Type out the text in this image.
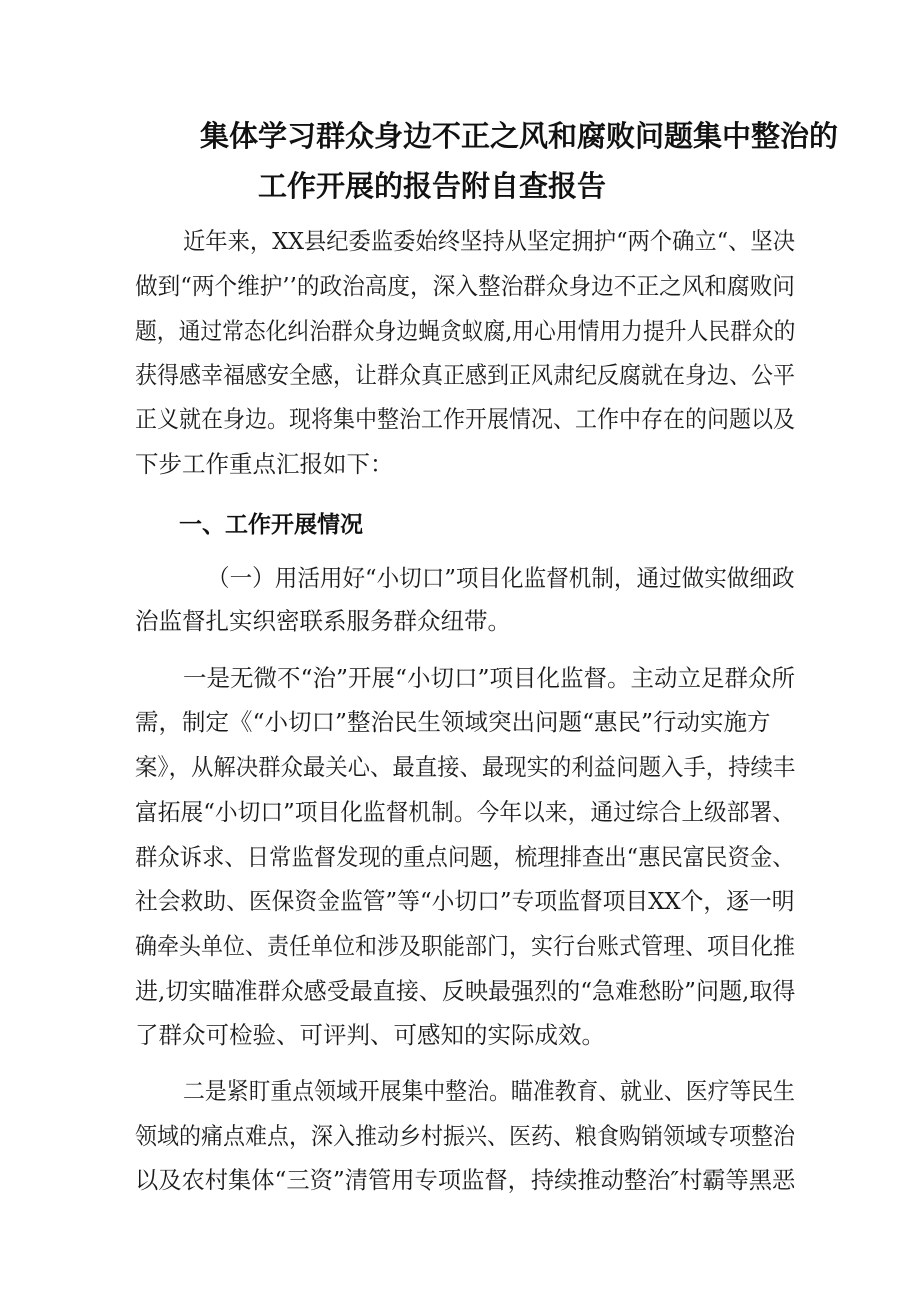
集体学习群众身边不正之风和腐败问题集中整治的
工作开展的报告附自查报告
近年来，XX县纪委监委始终坚持从坚定拥护“两个确立“、坚决
做到“两个维护’’的政治高度，深入整治群众身边不正之风和腐败问
题，通过常态化纠治群众身边蝇贪蚁腐,用心用情用力提升人民群众的
获得感幸福感安全感，让群众真正感到正风肃纪反腐就在身边、公平
正义就在身边。现将集中整治工作开展情况、工作中存在的问题以及
下步工作重点汇报如下：
一、工作开展情况
（一）用活用好“小切口”项目化监督机制，通过做实做细政
治监督扎实织密联系服务群众纽带。
一是无微不“治”开展“小切口”项目化监督。主动立足群众所
需，制定《“小切口”整治民生领域突出问题“惠民”行动实施方
案》，从解决群众最关心、最直接、最现实的利益问题入手，持续丰
富拓展“小切口”项目化监督机制。今年以来，通过综合上级部署、
群众诉求、日常监督发现的重点问题，梳理排查出“惠民富民资金、
社会救助、医保资金监管”等“小切口”专项监督项目XX个，逐一明
确牵头单位、责任单位和涉及职能部门，实行台账式管理、项目化推
进,切实瞄准群众感受最直接、反映最强烈的“急难愁盼”问题,取得
了群众可检验、可评判、可感知的实际成效。
二是紧盯重点领域开展集中整治。瞄准教育、就业、医疗等民生
领域的痛点难点，深入推动乡村振兴、医药、粮食购销领域专项整治
以及农村集体“三资”清管用专项监督，持续推动整治″村霸等黑恶
